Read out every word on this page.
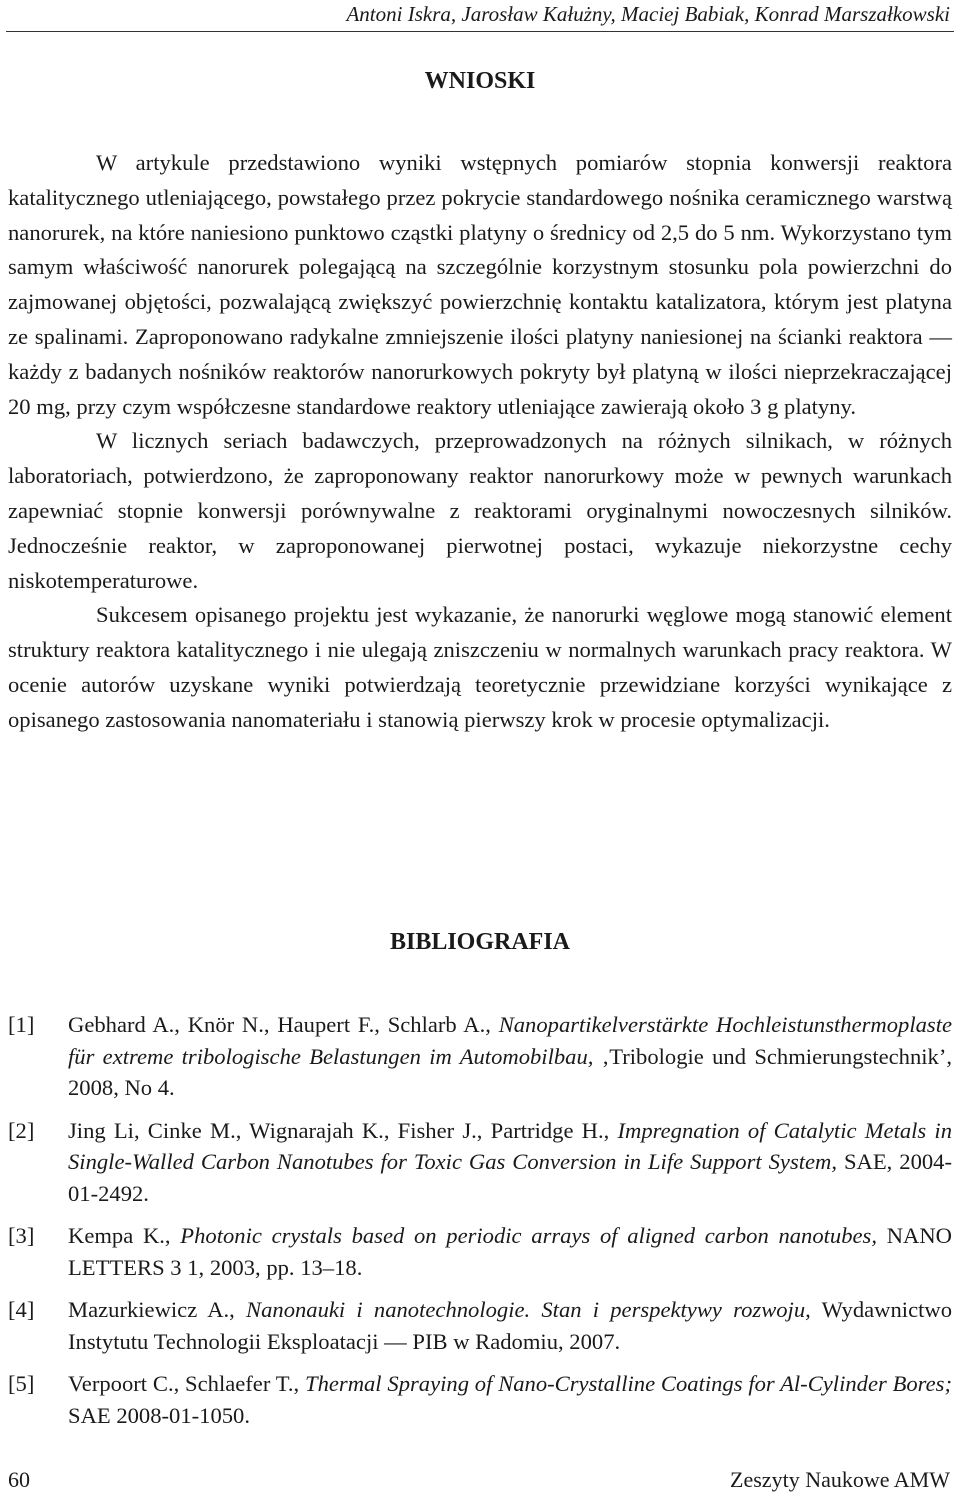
Antoni Iskra, Jarosław Kałużny, Maciej Babiak, Konrad Marszałkowski
WNIOSKI

W artykule przedstawiono wyniki wstępnych pomiarów stopnia konwersji reaktora katalitycznego utleniającego, powstałego przez pokrycie standardowego nośnika ceramicznego warstwą nanorurek, na które naniesiono punktowo cząstki platyny o średnicy od 2,5 do 5 nm. Wykorzystano tym samym właściwość nanorurek polegającą na szczególnie korzystnym stosunku pola powierzchni do zajmowanej objętości, pozwalającą zwiększyć powierzchnię kontaktu katalizatora, którym jest platyna ze spalinami. Zaproponowano radykalne zmniejszenie ilości platyny naniesionej na ścianki reaktora — każdy z badanych nośników reaktorów nanorurkowych pokryty był platyną w ilości nieprzekraczającej 20 mg, przy czym współczesne standardowe reaktory utleniające zawierają około 3 g platyny.

W licznych seriach badawczych, przeprowadzonych na różnych silnikach, w różnych laboratoriach, potwierdzono, że zaproponowany reaktor nanorurkowy może w pewnych warunkach zapewniać stopnie konwersji porównywalne z reaktorami oryginalnymi nowoczesnych silników. Jednocześnie reaktor, w zaproponowanej pierwotnej postaci, wykazuje niekorzystne cechy niskotemperaturowe.

Sukcesem opisanego projektu jest wykazanie, że nanorurki węglowe mogą stanowić element struktury reaktora katalitycznego i nie ulegają zniszczeniu w normalnych warunkach pracy reaktora. W ocenie autorów uzyskane wyniki potwierdzają teoretycznie przewidziane korzyści wynikające z opisanego zastosowania nanomateriału i stanowią pierwszy krok w procesie optymalizacji.

BIBLIOGRAFIA
[1] Gebhard A., Knör N., Haupert F., Schlarb A., Nanopartikelverstärkte Hochleistunsthermoplaste für extreme tribologische Belastungen im Automobilbau, ‚Tribologie und Schmierungstechnik’, 2008, No 4.
[2] Jing Li, Cinke M., Wignarajah K., Fisher J., Partridge H., Impregnation of Catalytic Metals in Single-Walled Carbon Nanotubes for Toxic Gas Conversion in Life Support System, SAE, 2004-01-2492.
[3] Kempa K., Photonic crystals based on periodic arrays of aligned carbon nanotubes, NANO LETTERS 3 1, 2003, pp. 13–18.
[4] Mazurkiewicz A., Nanonauki i nanotechnologie. Stan i perspektywy rozwoju, Wydawnictwo Instytutu Technologii Eksploatacji — PIB w Radomiu, 2007.
[5] Verpoort C., Schlaefer T., Thermal Spraying of Nano-Crystalline Coatings for Al-Cylinder Bores; SAE 2008-01-1050.
60	Zeszyty Naukowe AMW
